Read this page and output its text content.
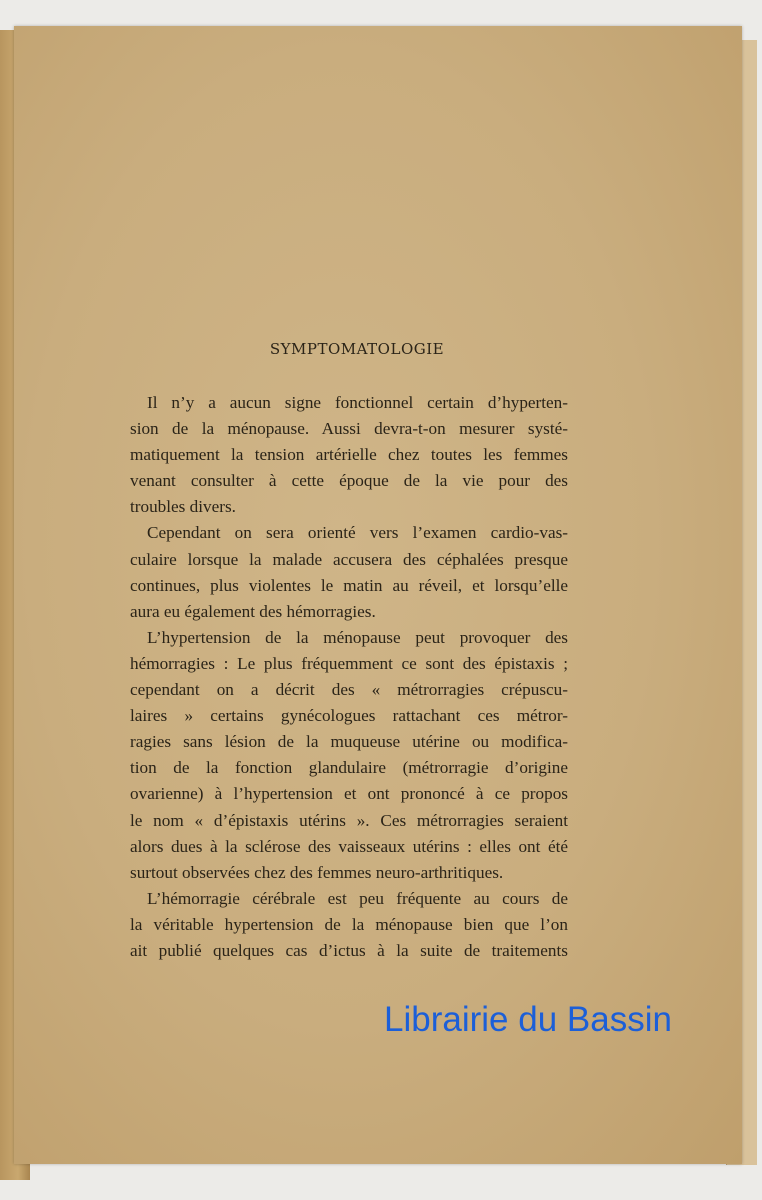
SYMPTOMATOLOGIE
Il n’y a aucun signe fonctionnel certain d’hyperten-
sion de la ménopause. Aussi devra-t-on mesurer systé-
matiquement la tension artérielle chez toutes les femmes
venant consulter à cette époque de la vie pour des
troubles divers.
Cependant on sera orienté vers l’examen cardio-vas-
culaire lorsque la malade accusera des céphalées presque
continues, plus violentes le matin au réveil, et lorsqu’elle
aura eu également des hémorragies.
L’hypertension de la ménopause peut provoquer des
hémorragies : Le plus fréquemment ce sont des épistaxis ;
cependant on a décrit des « métrorragies crépuscu-
laires » certains gynécologues rattachant ces métror-
ragies sans lésion de la muqueuse utérine ou modifica-
tion de la fonction glandulaire (métrorragie d’origine
ovarienne) à l’hypertension et ont prononcé à ce propos
le nom « d’épistaxis utérins ». Ces métrorragies seraient
alors dues à la sclérose des vaisseaux utérins : elles ont été
surtout observées chez des femmes neuro-arthritiques.
L’hémorragie cérébrale est peu fréquente au cours de
la véritable hypertension de la ménopause bien que l’on
ait publié quelques cas d’ictus à la suite de traitements
Librairie du Bassin
